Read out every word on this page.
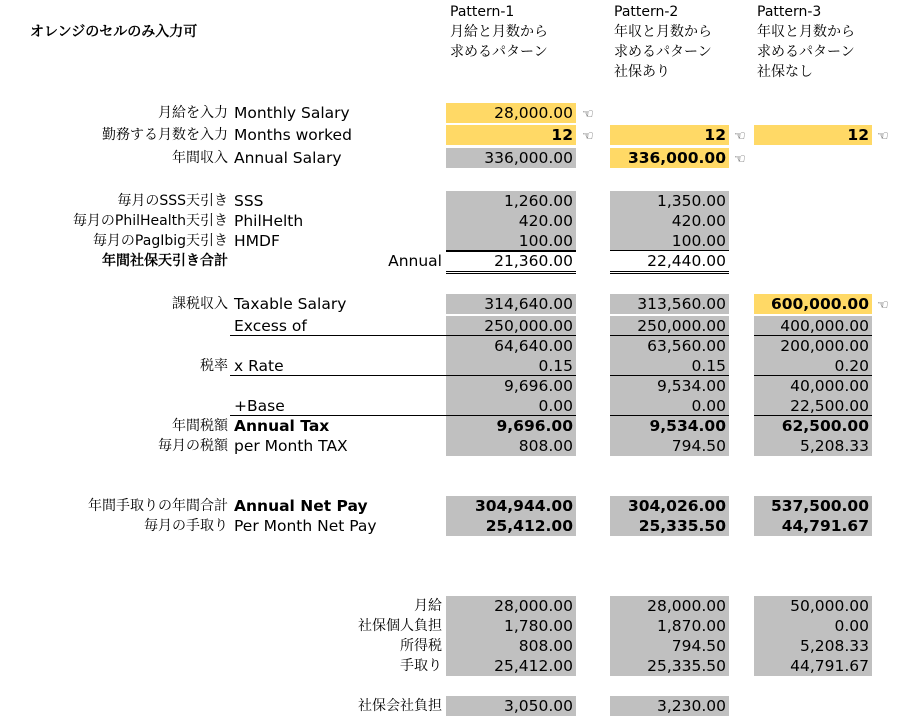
オレンジのセルのみ入力可
Pattern-1
月給と月数から
求めるパターン
Pattern-2
年収と月数から
求めるパターン
社保あり
Pattern-3
年収と月数から
求めるパターン
社保なし
月給を入力 Monthly Salary
勤務する月数を入力 Months worked
年間収入 Annual Salary
28,000.00 ☜
12 ☜
336,000.00
12 ☜
336,000.00 ☜
12 ☜
毎月のSSS天引き SSS
毎月のPhilHealth天引き PhilHelth
毎月のPagIbig天引き HMDF
年間社保天引き合計	Annual
1,260.00
420.00
100.00
21,360.00
1,350.00
420.00
100.00
22,440.00
課税収入 Taxable Salary
Excess of
税率 x Rate
+Base
年間税額 Annual Tax
毎月の税額 per Month TAX
314,640.00
250,000.00
64,640.00
0.15
9,696.00
0.00
9,696.00
808.00
313,560.00
250,000.00
63,560.00
0.15
9,534.00
0.00
9,534.00
794.50
600,000.00 ☜
400,000.00
200,000.00
0.20
40,000.00
22,500.00
62,500.00
5,208.33
年間手取りの年間合計 Annual Net Pay
毎月の手取り Per Month Net Pay
304,944.00
25,412.00
304,026.00
25,335.50
537,500.00
44,791.67
月給
社保個人負担
所得税
手取り
社保会社負担
28,000.00
1,780.00
808.00
25,412.00
3,050.00
28,000.00
1,870.00
794.50
25,335.50
3,230.00
50,000.00
0.00
5,208.33
44,791.67
